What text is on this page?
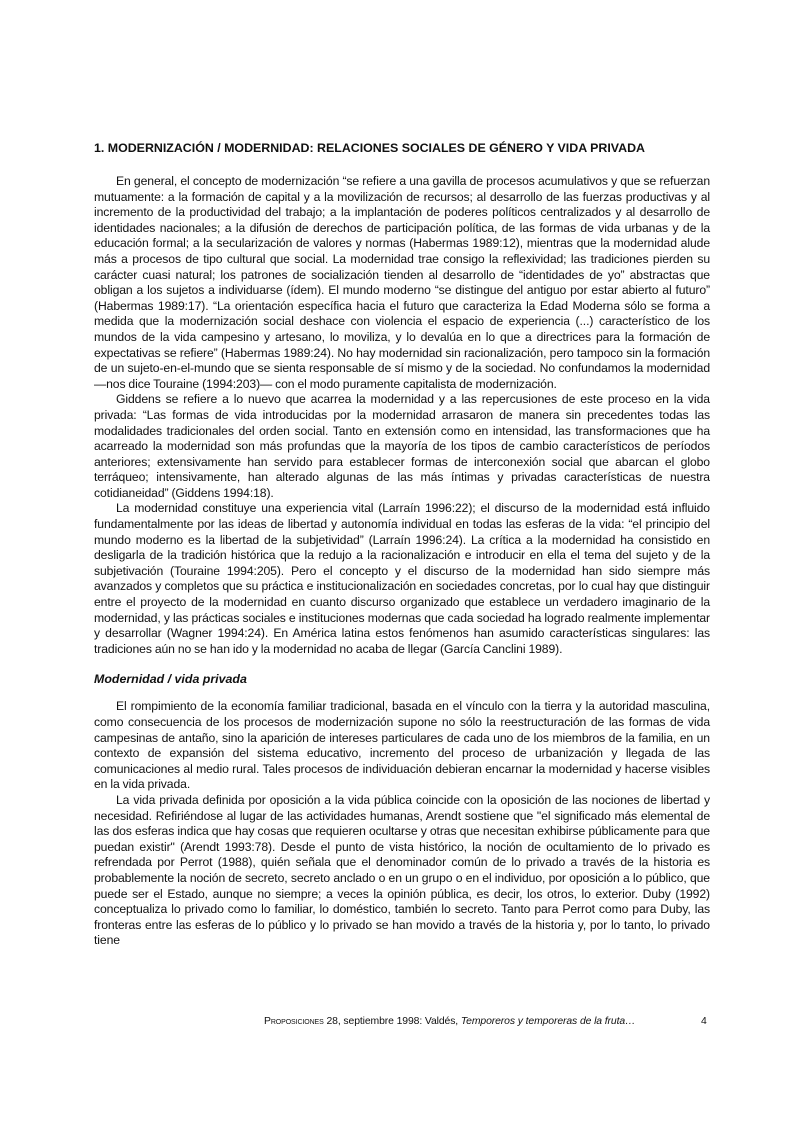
1. MODERNIZACIÓN / MODERNIDAD: RELACIONES SOCIALES DE GÉNERO Y VIDA PRIVADA

En general, el concepto de modernización “se refiere a una gavilla de procesos acumulativos y que se refuerzan mutuamente: a la formación de capital y a la movilización de recursos; al desarrollo de las fuerzas productivas y al incremento de la productividad del trabajo; a la implantación de poderes políticos centralizados y al desarrollo de identidades nacionales; a la difusión de derechos de participación política, de las formas de vida urbanas y de la educación formal; a la secularización de valores y normas (Habermas 1989:12), mientras que la modernidad alude más a procesos de tipo cultural que social. La modernidad trae consigo la reflexividad; las tradiciones pierden su carácter cuasi natural; los patrones de socialización tienden al desarrollo de “identidades de yo” abstractas que obligan a los sujetos a individuarse (ídem). El mundo moderno “se distingue del antiguo por estar abierto al futuro” (Habermas 1989:17). “La orientación específica hacia el futuro que caracteriza la Edad Moderna sólo se forma a medida que la modernización social deshace con violencia el espacio de experiencia (...) característico de los mundos de la vida campesino y artesano, lo moviliza, y lo devalúa en lo que a directrices para la formación de expectativas se refiere” (Habermas 1989:24). No hay modernidad sin racionalización, pero tampoco sin la formación de un sujeto-en-el-mundo que se sienta responsable de sí mismo y de la sociedad. No confundamos la modernidad —nos dice Touraine (1994:203)— con el modo puramente capitalista de modernización.

Giddens se refiere a lo nuevo que acarrea la modernidad y a las repercusiones de este proceso en la vida privada: “Las formas de vida introducidas por la modernidad arrasaron de manera sin precedentes todas las modalidades tradicionales del orden social. Tanto en extensión como en intensidad, las transformaciones que ha acarreado la modernidad son más profundas que la mayoría de los tipos de cambio característicos de períodos anteriores; extensivamente han servido para establecer formas de interconexión social que abarcan el globo terráqueo; intensivamente, han alterado algunas de las más íntimas y privadas características de nuestra cotidianeidad” (Giddens 1994:18).

La modernidad constituye una experiencia vital (Larraín 1996:22); el discurso de la modernidad está influido fundamentalmente por las ideas de libertad y autonomía individual en todas las esferas de la vida: “el principio del mundo moderno es la libertad de la subjetividad” (Larraín 1996:24). La crítica a la modernidad ha consistido en desligarla de la tradición histórica que la redujo a la racionalización e introducir en ella el tema del sujeto y de la subjetivación (Touraine 1994:205). Pero el concepto y el discurso de la modernidad han sido siempre más avanzados y completos que su práctica e institucionalización en sociedades concretas, por lo cual hay que distinguir entre el proyecto de la modernidad en cuanto discurso organizado que establece un verdadero imaginario de la modernidad, y las prácticas sociales e instituciones modernas que cada sociedad ha logrado realmente implementar y desarrollar (Wagner 1994:24). En América latina estos fenómenos han asumido características singulares: las tradiciones aún no se han ido y la modernidad no acaba de llegar (García Canclini 1989).

Modernidad / vida privada

El rompimiento de la economía familiar tradicional, basada en el vínculo con la tierra y la autoridad masculina, como consecuencia de los procesos de modernización supone no sólo la reestructuración de las formas de vida campesinas de antaño, sino la aparición de intereses particulares de cada uno de los miembros de la familia, en un contexto de expansión del sistema educativo, incremento del proceso de urbanización y llegada de las comunicaciones al medio rural. Tales procesos de individuación debieran encarnar la modernidad y hacerse visibles en la vida privada.

La vida privada definida por oposición a la vida pública coincide con la oposición de las nociones de libertad y necesidad. Refiriéndose al lugar de las actividades humanas, Arendt sostiene que "el significado más elemental de las dos esferas indica que hay cosas que requieren ocultarse y otras que necesitan exhibirse públicamente para que puedan existir" (Arendt 1993:78). Desde el punto de vista histórico, la noción de ocultamiento de lo privado es refrendada por Perrot (1988), quién señala que el denominador común de lo privado a través de la historia es probablemente la noción de secreto, secreto anclado o en un grupo o en el individuo, por oposición a lo público, que puede ser el Estado, aunque no siempre; a veces la opinión pública, es decir, los otros, lo exterior. Duby (1992) conceptualiza lo privado como lo familiar, lo doméstico, también lo secreto. Tanto para Perrot como para Duby, las fronteras entre las esferas de lo público y lo privado se han movido a través de la historia y, por lo tanto, lo privado tiene

Proposiciones 28, septiembre 1998: Valdés, Temporeros y temporeras de la fruta…	4
